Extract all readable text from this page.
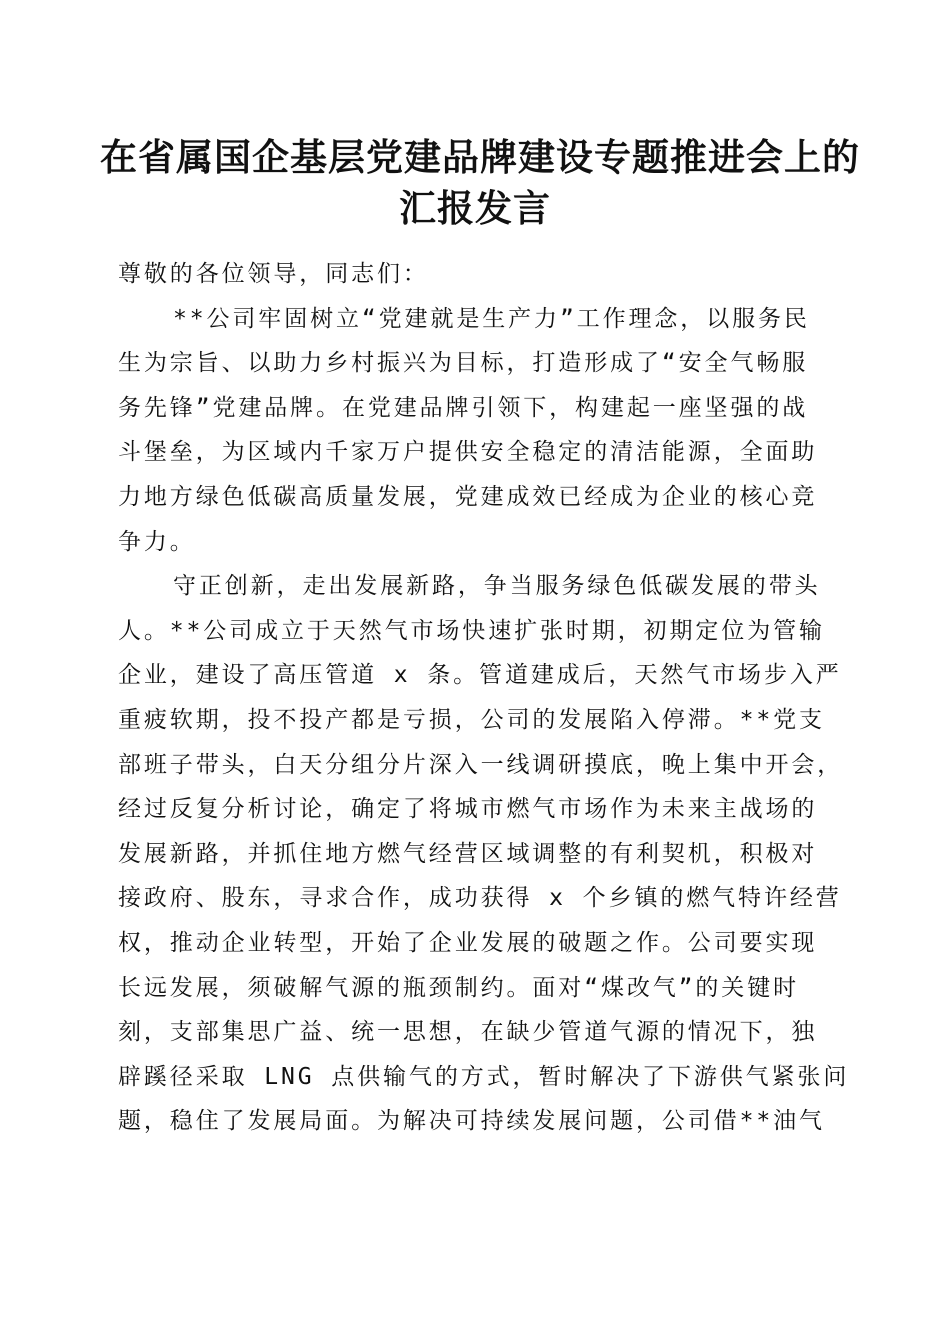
在省属国企基层党建品牌建设专题推进会上的
汇报发言
尊敬的各位领导，同志们：
**公司牢固树立“党建就是生产力”工作理念，以服务民
生为宗旨、以助力乡村振兴为目标，打造形成了“安全气畅服
务先锋”党建品牌。在党建品牌引领下，构建起一座坚强的战
斗堡垒，为区域内千家万户提供安全稳定的清洁能源，全面助
力地方绿色低碳高质量发展，党建成效已经成为企业的核心竞
争力。
守正创新，走出发展新路，争当服务绿色低碳发展的带头
人。**公司成立于天然气市场快速扩张时期，初期定位为管输
企业，建设了高压管道 x 条。管道建成后，天然气市场步入严
重疲软期，投不投产都是亏损，公司的发展陷入停滞。**党支
部班子带头，白天分组分片深入一线调研摸底，晚上集中开会，
经过反复分析讨论，确定了将城市燃气市场作为未来主战场的
发展新路，并抓住地方燃气经营区域调整的有利契机，积极对
接政府、股东，寻求合作，成功获得 x 个乡镇的燃气特许经营
权，推动企业转型，开始了企业发展的破题之作。公司要实现
长远发展，须破解气源的瓶颈制约。面对“煤改气”的关键时
刻，支部集思广益、统一思想，在缺少管道气源的情况下，独
辟蹊径采取 LNG 点供输气的方式，暂时解决了下游供气紧张问
题，稳住了发展局面。为解决可持续发展问题，公司借**油气
